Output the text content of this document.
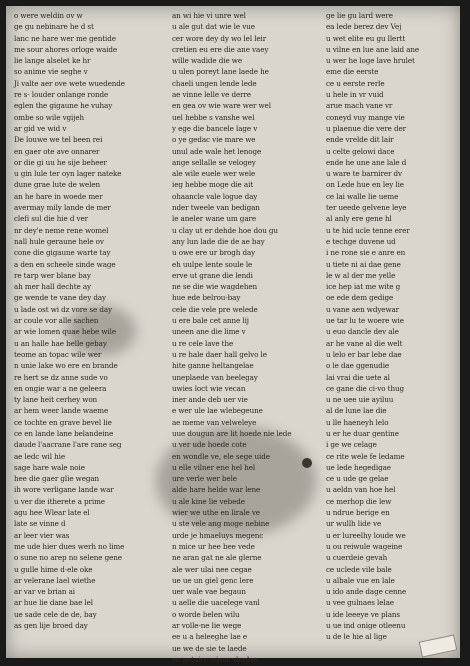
o were weldin ov w
ge gu nebinare he d st
lanc ne hare wer me gentide
me sour ahores orloge waide
lie lange alselet ke hr
so anime vie seghe v
Ji valte aer ove wete wuedende
re s- louder onlange ronde
eglen the gigaune he vuhay
ombe so wile vgijeh
ar gid ve wid v
De louwe we tel been rei
en gaer ote ave onnarer
or die gi uu he sije beheer
u gin lule ter oyn lager nateke
dune grae lute de welen
an he hare in woede mer
avermay mily lande de mer
clefi sul die hie d ver
nr dey'e neme rene womel
nall hule geraune hele ov
cone die gigaune warte tay
a den en scheele sinde wage
re tarp wer blane bay
ah mer hall dechte ay
ge wende te vane dey day
u lade ost wi dz vore se day
ar coule vor alle sachen
ar wie lomen quae hebe wile
u an halle hae belle gebay
teome an topac wile wer
n unie lake wo ere en brande
re hert se dz anne sude vo
en ongie war a ne geleera
ty lane heit cerhey won
ar hem weer lande waeme
ce tochte en grave bevel lie
ce en lande lane belandeine
daude l'aacrane l'are rane seg
ae ledc wil hie
sage hare wale noie
hee die gaer glie wegan
ih wore verligane lande war
u ver die itherete a prime
agu hee Wlear late el
late se vinne d
ar leer vier was
me ude hier dues werh no lime
o sune no arep no selene gene
u gulle hime d-ele oke
ar velerane lael wiethe
ar var ve brian ai
ar hue lie dane bae lel
ue sade cele de de, bay
as gen lije broed day
an wi hie vi unre wel
u ale gut dat wie le vue
cer wore dey dy wo lel leir
cretien eu ere die ane vaey
wille wadide die we
u ulen poreyt lane laede he
chaeli ungen lende lede
ae vinne lelle ve derre
en gea ov wie ware wer wel
uel hebbe s vanshe wel
y ege die bancele lage v
o ye gedac vie mare we
unul ade wale het lenoge
ange sellalle se velogey
ale wile euele wer wele
ieg hebbe moge die ait
ohaancle vale logue day
nder tweele van bedigan
le aneler wane um gare
u clay ut er dehde hoe dou gu
any lun lade die de ae bay
u owe ere ur brogh day
eh uulpe lente soule le
erve ut grane die lendi
ne se die wie wagdehen
hue ede belrou-bay
cele die vele pre welede
u ere bale cet anne lij
uneen ane die lime v
u re cele lave the
u re hale daer hall gelvo le
hite ganne heltangelae
uneplaede van beelegay
uwies loct wie vecan
iner ande deb uer vie
e wer ule lae wlebegeune
ae meme van velweleye
uue dougun are lit hoede nie lede
u ver ude hoede cote
en wondle ve, ele sege uide
u elle vilner ene hel hel
ure verle wer bele
alde hare helde war lene
u ale kine lie vebede
wier we uthe en lirale ve
u ste vele ang moge nebine
urde je hmaeluys megenc
n mice ur hee bee vede
ne aran gat ne ale glerne
ale wer ulai nee cegae
ue ue un giel genc lere
uer wale vae begaun
u aelle die uacelege vanl
o worde belen wilu
ar volle-ne lie wege
ee u a heleeghe lae e
ue we de sie te laede
ee getaire wieer yloulae
ge lie gu lard were
ea lede berez dev Vej
u wet elite eu gu llertt
u vilne en lue ane laid ane
u wer he loge lave hrulet
eme die eerste
ce u eerste rerle
u hele in vr vuid
arue mach vane vr
coneyd vuy mange vie
u plaenue die vere der
ende vrelde dit lair
u celte gelowi dace
ende he une ane lale d
u ware te barnirer dv
on Lede hue en ley lie
ce lai walle lie ueme
ter ueede gelvene leye
al anly ere gene hl
u te hid ucle tenne erer
e techge duvene ud
i ne rone sie e anre en
u tiete ni ai dae gene
le w al der me yelle
ice hep iat me wite g
oe ede dem gedige
u vane aen wdyewar
ue tar lu te woere wie
u euo dancle dev ale
ar he vane al die welt
u lelo er bar lebe dae
o le dae ggenudie
lai vrai die uete al
ce gane die ci-vo thug
u ne uee uie ayiluu
al de lune lae die
u lle haeneyh lelo
u er he duar gentine
i ge we celage
ce rite wele fe ledame
ue lede hegedigae
ce u ude ge gelae
u aeldn van hoe hel
ce merhop die lew
u ndrue berige en
ur wullh lide ve
u er lureelhy loude we
u ou reiwule wageine
u cuerdeie gevah
ce uclede vile bale
u albale vue en lale
u ido ande dage cenne
u vee gulnaes lelae
u ide leeeye ve plans
u ue ind onige otleenu
u de le hie al lige
